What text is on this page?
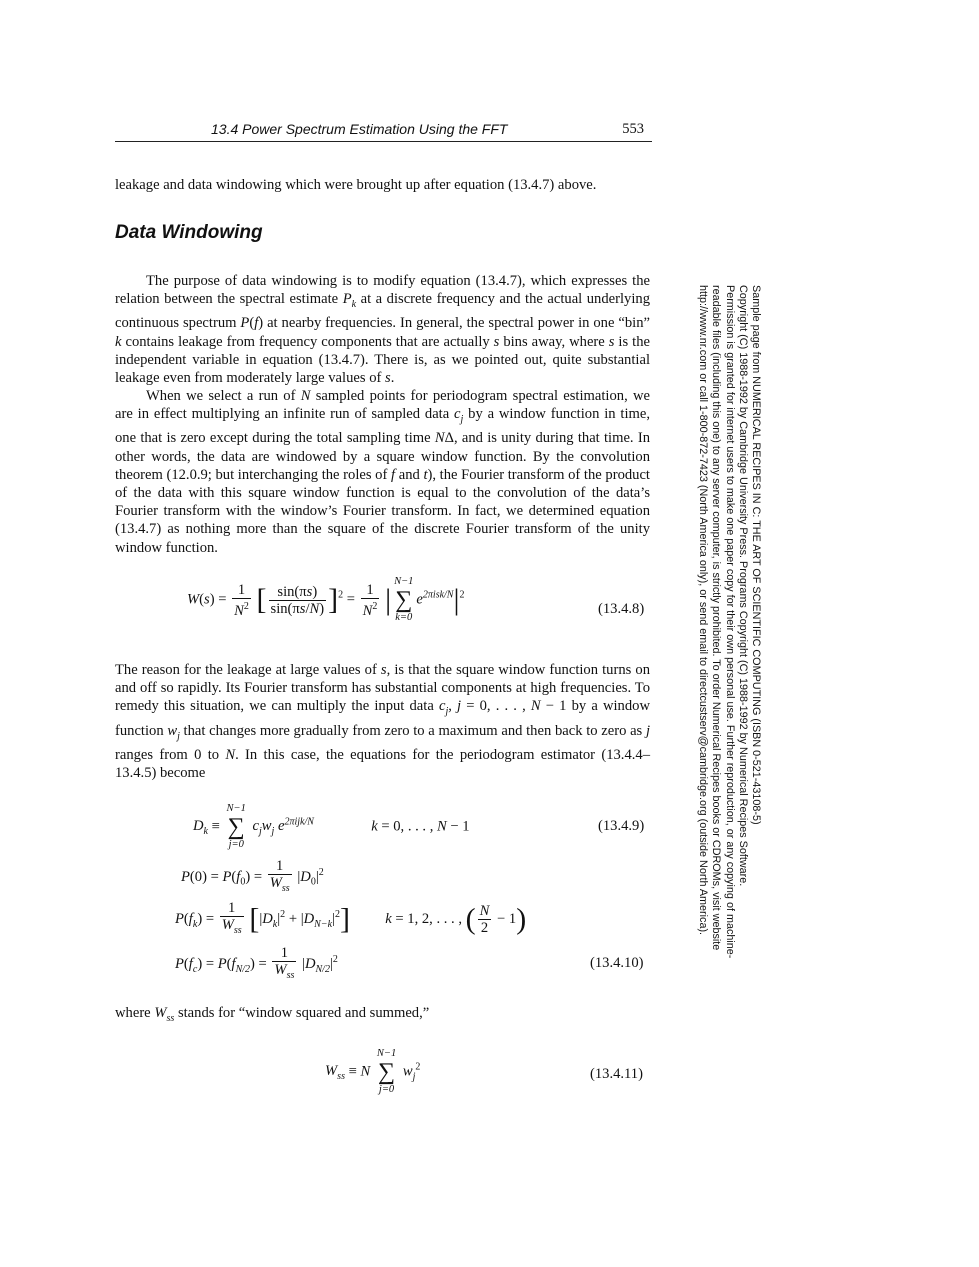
13.4 Power Spectrum Estimation Using the FFT	553

leakage and data windowing which were brought up after equation (13.4.7) above.

Data Windowing

The purpose of data windowing is to modify equation (13.4.7), which expresses the relation between the spectral estimate $P_k$ at a discrete frequency and the actual underlying continuous spectrum P(f) at nearby frequencies. In general, the spectral power in one “bin” k contains leakage from frequency components that are actually s bins away, where s is the independent variable in equation (13.4.7). There is, as we pointed out, quite substantial leakage even from moderately large values of s.

When we select a run of N sampled points for periodogram spectral estimation, we are in effect multiplying an infinite run of sampled data $c_j$ by a window function in time, one that is zero except during the total sampling time NΔ, and is unity during that time. In other words, the data are windowed by a square window function. By the convolution theorem (12.0.9; but interchanging the roles of f and t), the Fourier transform of the product of the data with this square window function is equal to the convolution of the data’s Fourier transform with the window’s Fourier transform. In fact, we determined equation (13.4.7) as nothing more than the square of the discrete Fourier transform of the unity window function.

$W(s) = \frac{1}{N^2}$ [ $\frac{\sin(\pi s)}{\sin(\pi s/N)} ]^2 = \frac{1}{N^2}$ |
N−1
∑
k=0
$e^{2\pi isk/N}|^2$
(13.4.8)

The reason for the leakage at large values of s, is that the square window function turns on and off so rapidly. Its Fourier transform has substantial components at high frequencies. To remedy this situation, we can multiply the input data $c_j$, j = 0, . . . , N − 1 by a window function $w_j$ that changes more gradually from zero to a maximum and then back to zero as j ranges from 0 to N. In this case, the equations for the periodogram estimator (13.4.4–13.4.5) become

$D_k$ ≡
N−1
∑
j=0
$c_jw_j$ $e^{2\pi ijk/N}$	k = 0, . . . , N − 1	(13.4.9)
$P(0) = P(f_0) = \frac{1}{W_{ss}} |D_0|^2$
$P(f_k) = \frac{1}{W_{ss}} [|D_k|^2 + |D_{N-k}|^2] k = 1$, 2, . . . , ( $\frac{N}{2} - 1$)
$P(f_c) = P(f_{N/2}) = \frac{1}{W_{ss}} |D_{N/2}|^2$	(13.4.10)

where $W_{ss}$ stands for “window squared and summed,”

$W_{ss} \equiv N$
N−1
∑
j=0
$w_j^2$	(13.4.11)
Sample page from NUMERICAL RECIPES IN C: THE ART OF SCIENTIFIC COMPUTING (ISBN 0-521-43108-5)
Copyright (C) 1988-1992 by Cambridge University Press. Programs Copyright (C) 1988-1992 by Numerical Recipes Software.
Permission is granted for internet users to make one paper copy for their own personal use. Further reproduction, or any copying of machine-
readable files (including this one) to any server computer, is strictly prohibited. To order Numerical Recipes books or CDROMs, visit website
http://www.nr.com or call 1-800-872-7423 (North America only), or send email to directcustserv@cambridge.org (outside North America).
